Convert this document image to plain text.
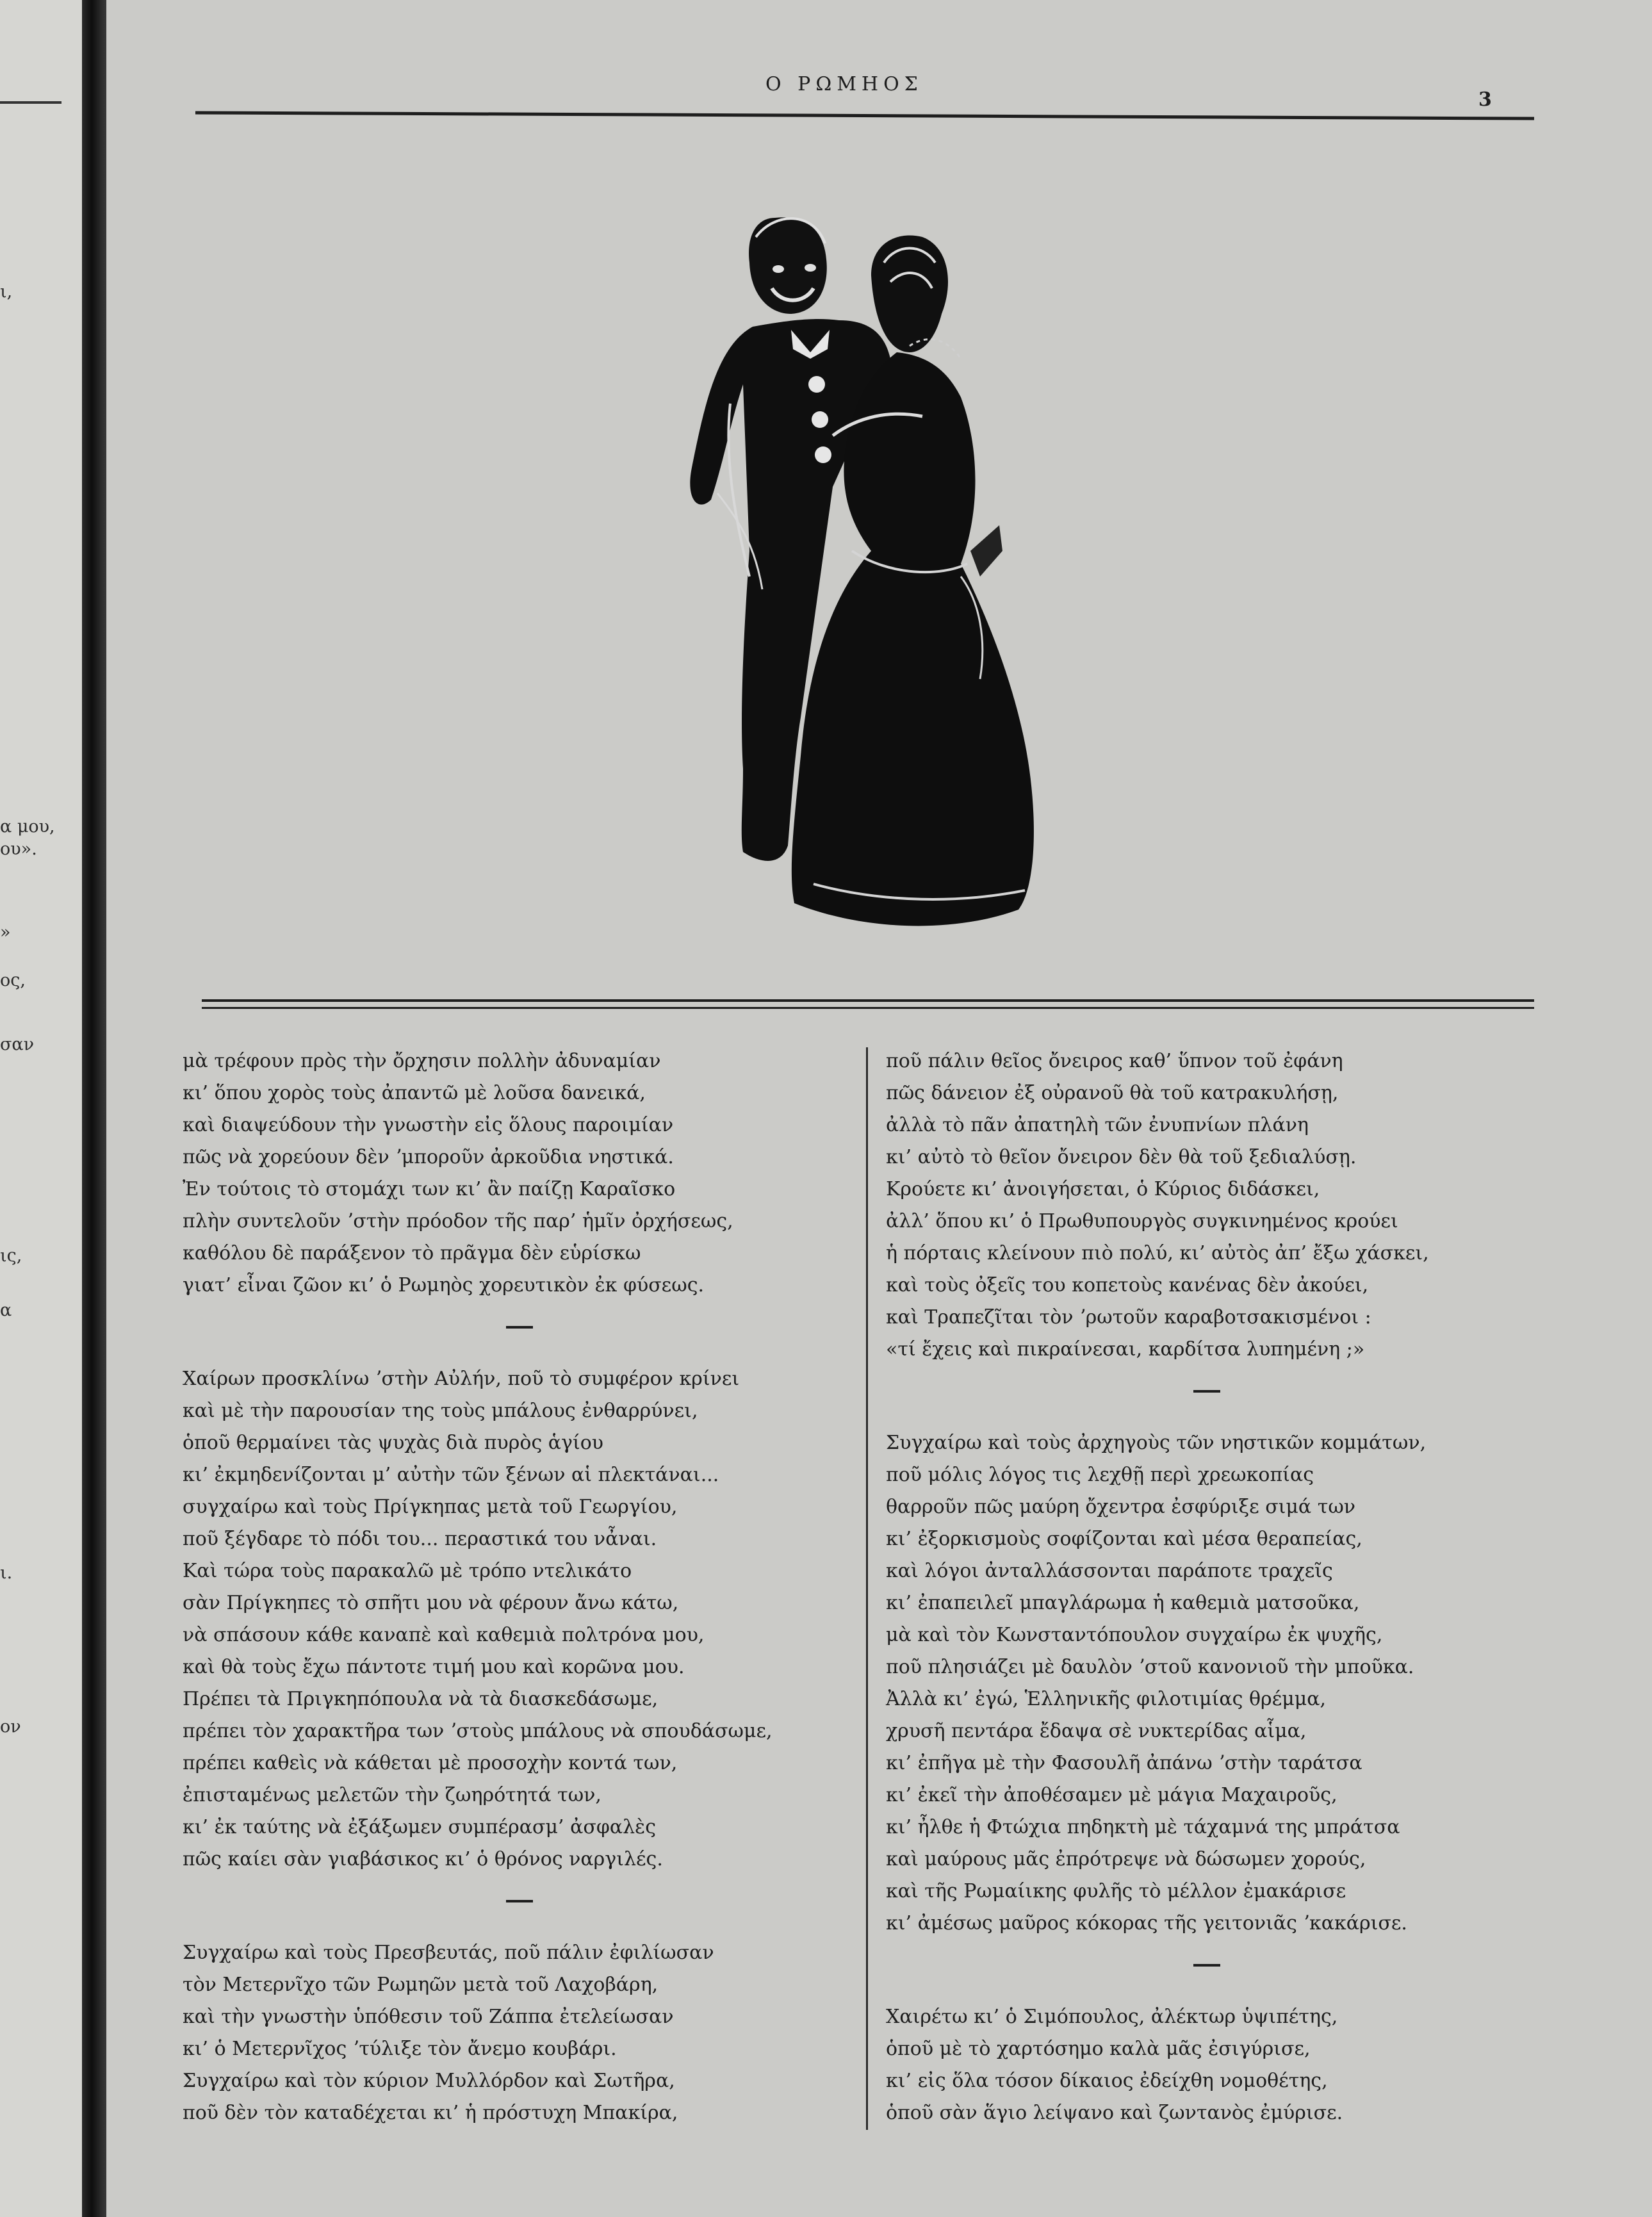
ι,
α μου,
ου».
»
ος,
σαν
ις,
α
ι.
ον
Ο ΡΩΜΗΟΣ
3
μὰ τρέφουν πρὸς τὴν ὄρχησιν πολλὴν ἀδυναμίαν
κι’ ὅπου χορὸς τοὺς ἀπαντῶ μὲ λοῦσα δανεικά,
καὶ διαψεύδουν τὴν γνωστὴν εἰς ὅλους παροιμίαν
πῶς νὰ χορεύουν δὲν ʼμποροῦν ἀρκοῦδια νηστικά.
Ἐν τούτοις τὸ στομάχι των κι’ ἂν παίζῃ Καραῖσκο
πλὴν συντελοῦν ʼστὴν πρόοδον τῆς παρ’ ἡμῖν ὀρχήσεως,
καθόλου δὲ παράξενον τὸ πρᾶγμα δὲν εὑρίσκω
γιατ’ εἶναι ζῶον κι’ ὁ Ρωμηὸς χορευτικὸν ἐκ φύσεως.
Χαίρων προσκλίνω ʼστὴν Αὐλήν, ποῦ τὸ συμφέρον κρίνει
καὶ μὲ τὴν παρουσίαν της τοὺς μπάλους ἐνθαρρύνει,
ὁποῦ θερμαίνει τὰς ψυχὰς διὰ πυρὸς ἁγίου
κι’ ἐκμηδενίζονται μ’ αὐτὴν τῶν ξένων αἱ πλεκτάναι...
συγχαίρω καὶ τοὺς Πρίγκηπας μετὰ τοῦ Γεωργίου,
ποῦ ξέγδαρε τὸ πόδι του... περαστικά του νἆναι.
Καὶ τώρα τοὺς παρακαλῶ μὲ τρόπο ντελικάτο
σὰν Πρίγκηπες τὸ σπῆτι μου νὰ φέρουν ἄνω κάτω,
νὰ σπάσουν κάθε καναπὲ καὶ καθεμιὰ πολτρόνα μου,
καὶ θὰ τοὺς ἔχω πάντοτε τιμή μου καὶ κορῶνα μου.
Πρέπει τὰ Πριγκηπόπουλα νὰ τὰ διασκεδάσωμε,
πρέπει τὸν χαρακτῆρα των ʼστοὺς μπάλους νὰ σπουδάσωμε,
πρέπει καθεὶς νὰ κάθεται μὲ προσοχὴν κοντά των,
ἐπισταμένως μελετῶν τὴν ζωηρότητά των,
κι’ ἐκ ταύτης νὰ ἐξάξωμεν συμπέρασμ’ ἀσφαλὲς
πῶς καίει σὰν γιαβάσικος κι’ ὁ θρόνος ναργιλές.
Συγχαίρω καὶ τοὺς Πρεσβευτάς, ποῦ πάλιν ἐφιλίωσαν
τὸν Μετερνῖχο τῶν Ρωμηῶν μετὰ τοῦ Λαχοβάρη,
καὶ τὴν γνωστὴν ὑπόθεσιν τοῦ Ζάππα ἐτελείωσαν
κι’ ὁ Μετερνῖχος ʼτύλιξε τὸν ἄνεμο κουβάρι.
Συγχαίρω καὶ τὸν κύριον Μυλλόρδον καὶ Σωτῆρα,
ποῦ δὲν τὸν καταδέχεται κι’ ἡ πρόστυχη Μπακίρα,
ποῦ πάλιν θεῖος ὄνειρος καθ’ ὕπνον τοῦ ἐφάνη
πῶς δάνειον ἐξ οὐρανοῦ θὰ τοῦ κατρακυλήσῃ,
ἀλλὰ τὸ πᾶν ἀπατηλὴ τῶν ἐνυπνίων πλάνη
κι’ αὐτὸ τὸ θεῖον ὄνειρον δὲν θὰ τοῦ ξεδιαλύσῃ.
Κρούετε κι’ ἀνοιγήσεται, ὁ Κύριος διδάσκει,
ἀλλ’ ὅπου κι’ ὁ Πρωθυπουργὸς συγκινημένος κρούει
ἡ πόρταις κλείνουν πιὸ πολύ, κι’ αὐτὸς ἀπ’ ἔξω χάσκει,
καὶ τοὺς ὀξεῖς του κοπετοὺς κανένας δὲν ἀκούει,
καὶ Τραπεζῖται τὸν ʼρωτοῦν καραβοτσακισμένοι :
«τί ἔχεις καὶ πικραίνεσαι, καρδίτσα λυπημένη ;»
Συγχαίρω καὶ τοὺς ἀρχηγοὺς τῶν νηστικῶν κομμάτων,
ποῦ μόλις λόγος τις λεχθῇ περὶ χρεωκοπίας
θαρροῦν πῶς μαύρη ὄχεντρα ἐσφύριξε σιμά των
κι’ ἐξορκισμοὺς σοφίζονται καὶ μέσα θεραπείας,
καὶ λόγοι ἀνταλλάσσονται παράποτε τραχεῖς
κι’ ἐπαπειλεῖ μπαγλάρωμα ἡ καθεμιὰ ματσοῦκα,
μὰ καὶ τὸν Κωνσταντόπουλον συγχαίρω ἐκ ψυχῆς,
ποῦ πλησιάζει μὲ δαυλὸν ʼστοῦ κανονιοῦ τὴν μποῦκα.
Ἀλλὰ κι’ ἐγώ, Ἑλληνικῆς φιλοτιμίας θρέμμα,
χρυσῆ πεντάρα ἔδαψα σὲ νυκτερίδας αἷμα,
κι’ ἐπῆγα μὲ τὴν Φασουλῆ ἀπάνω ʼστὴν ταράτσα
κι’ ἐκεῖ τὴν ἀποθέσαμεν μὲ μάγια Μαχαιροῦς,
κι’ ἦλθε ἡ Φτώχια πηδηκτὴ μὲ τάχαμνά της μπράτσα
καὶ μαύρους μᾶς ἐπρότρεψε νὰ δώσωμεν χορούς,
καὶ τῆς Ρωμαίικης φυλῆς τὸ μέλλον ἐμακάρισε
κι’ ἀμέσως μαῦρος κόκορας τῆς γειτονιᾶς ʼκακάρισε.
Χαιρέτω κι’ ὁ Σιμόπουλος, ἀλέκτωρ ὑψιπέτης,
ὁποῦ μὲ τὸ χαρτόσημο καλὰ μᾶς ἐσιγύρισε,
κι’ εἰς ὅλα τόσον δίκαιος ἐδείχθη νομοθέτης,
ὁποῦ σὰν ἅγιο λείψανο καὶ ζωντανὸς ἐμύρισε.
